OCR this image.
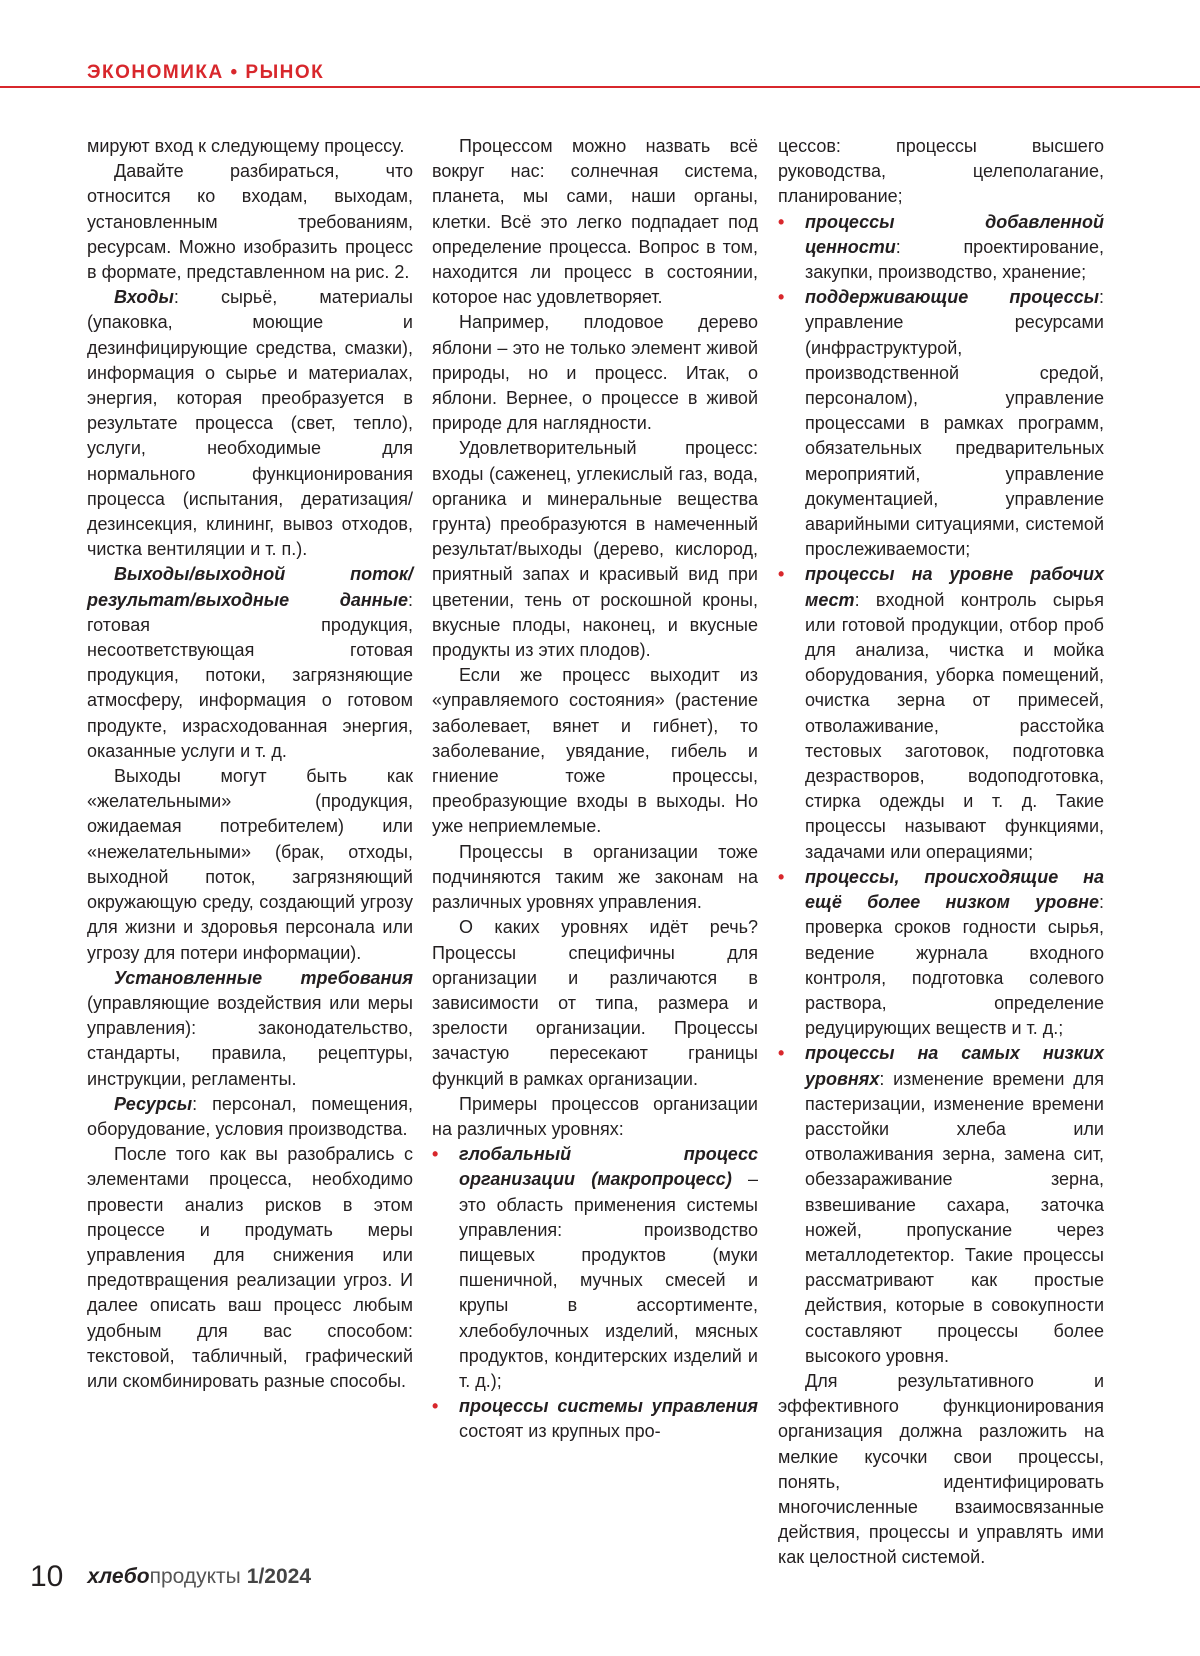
ЭКОНОМИКА • РЫНОК

мируют вход к следующему процессу.

Давайте разбираться, что относится ко входам, выходам, установленным требованиям, ресурсам. Можно изобразить процесс в формате, представленном на рис. 2.

Входы: сырьё, материалы (упаковка, моющие и дезинфицирующие средства, смазки), информация о сырье и материалах, энергия, которая преобразуется в результате процесса (свет, тепло), услуги, необходимые для нормального функционирования процесса (испытания, дератизация/дезинсекция, клининг, вывоз отходов, чистка вентиляции и т. п.).

Выходы/выходной поток/результат/выходные данные: готовая продукция, несоответствующая готовая продукция, потоки, загрязняющие атмосферу, информация о готовом продукте, израсходованная энергия, оказанные услуги и т. д.

Выходы могут быть как «желательными» (продукция, ожидаемая потребителем) или «нежелательными» (брак, отходы, выходной поток, загрязняющий окружающую среду, создающий угрозу для жизни и здоровья персонала или угрозу для потери информации).

Установленные требования (управляющие воздействия или меры управления): законодательство, стандарты, правила, рецептуры, инструкции, регламенты.

Ресурсы: персонал, помещения, оборудование, условия производства.

После того как вы разобрались с элементами процесса, необходимо провести анализ рисков в этом процессе и продумать меры управления для снижения или предотвращения реализации угроз. И далее описать ваш процесс любым удобным для вас способом: текстовой, табличный, графический или скомбинировать разные способы.

Процессом можно назвать всё вокруг нас: солнечная система, планета, мы сами, наши органы, клетки. Всё это легко подпадает под определение процесса. Вопрос в том, находится ли процесс в состоянии, которое нас удовлетворяет.

Например, плодовое дерево яблони – это не только элемент живой природы, но и процесс. Итак, о яблони. Вернее, о процессе в живой природе для наглядности.

Удовлетворительный процесс: входы (саженец, углекислый газ, вода, органика и минеральные вещества грунта) преобразуются в намеченный результат/выходы (дерево, кислород, приятный запах и красивый вид при цветении, тень от роскошной кроны, вкусные плоды, наконец, и вкусные продукты из этих плодов).

Если же процесс выходит из «управляемого состояния» (растение заболевает, вянет и гибнет), то заболевание, увядание, гибель и гниение тоже процессы, преобразующие входы в выходы. Но уже неприемлемые.

Процессы в организации тоже подчиняются таким же законам на различных уровнях управления.

О каких уровнях идёт речь? Процессы специфичны для организации и различаются в зависимости от типа, размера и зрелости организации. Процессы зачастую пересекают границы функций в рамках организации.

Примеры процессов организации на различных уровнях:

• глобальный процесс организации (макропроцесс) – это область применения системы управления: производство пищевых продуктов (муки пшеничной, мучных смесей и крупы в ассортименте, хлебобулочных изделий, мясных продуктов, кондитерских изделий и т. д.);

• процессы системы управления состоят из крупных про-

цессов: процессы высшего руководства, целеполагание, планирование;

• процессы добавленной ценности: проектирование, закупки, производство, хранение;

• поддерживающие процессы: управление ресурсами (инфраструктурой, производственной средой, персоналом), управление процессами в рамках программ, обязательных предварительных мероприятий, управление документацией, управление аварийными ситуациями, системой прослеживаемости;

• процессы на уровне рабочих мест: входной контроль сырья или готовой продукции, отбор проб для анализа, чистка и мойка оборудования, уборка помещений, очистка зерна от примесей, отволаживание, расстойка тестовых заготовок, подготовка дезрастворов, водоподготовка, стирка одежды и т. д. Такие процессы называют функциями, задачами или операциями;

• процессы, происходящие на ещё более низком уровне: проверка сроков годности сырья, ведение журнала входного контроля, подготовка солевого раствора, определение редуцирующих веществ и т. д.;

• процессы на самых низких уровнях: изменение времени для пастеризации, изменение времени расстойки хлеба или отволаживания зерна, замена сит, обеззараживание зерна, взвешивание сахара, заточка ножей, пропускание через металлодетектор. Такие процессы рассматривают как простые действия, которые в совокупности составляют процессы более высокого уровня.

Для результативного и эффективного функционирования организация должна разложить на мелкие кусочки свои процессы, понять, идентифицировать многочисленные взаимосвязанные действия, процессы и управлять ими как целостной системой.

10 хлебопродукты 1/2024
